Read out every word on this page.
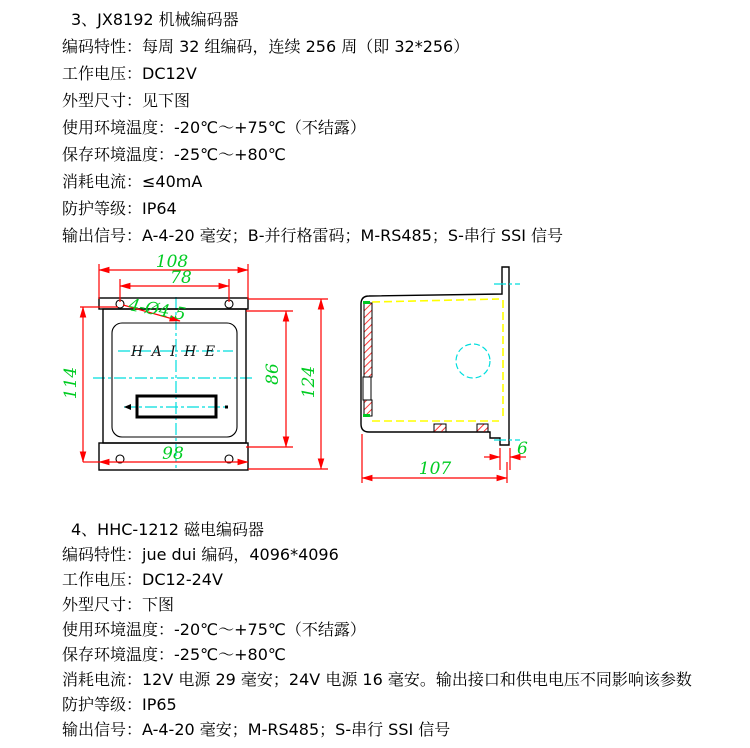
3、JX8192 机械编码器
编码特性：每周 32 组编码，连续 256 周（即 32*256）
工作电压：DC12V
外型尺寸：见下图
使用环境温度：-20℃～+75℃（不结露）
保存环境温度：-25℃～+80℃
消耗电流：≤40mA
防护等级：IP64
输出信号：A-4-20 毫安；B-并行格雷码；M-RS485；S-串行 SSI 信号
H A I H E
108
78
4-Ø4.5
114	86 124
98	6
107
4、HHC-1212 磁电编码器
编码特性：jue dui 编码，4096*4096
工作电压：DC12-24V
外型尺寸：下图
使用环境温度：-20℃～+75℃（不结露）
保存环境温度：-25℃～+80℃
消耗电流：12V 电源 29 毫安；24V 电源 16 毫安。输出接口和供电电压不同影响该参数
防护等级：IP65
输出信号：A-4-20 毫安；M-RS485；S-串行 SSI 信号
